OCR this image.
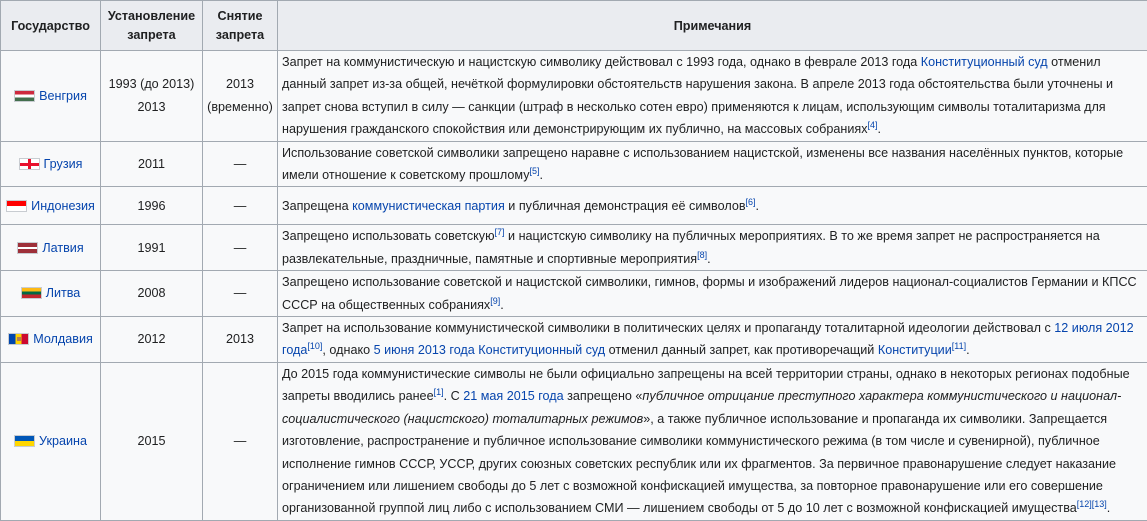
Государство	Установление запрета	Снятие запрета	Примечания
Венгрия	1993 (до 2013) 2013	2013 (временно)	Запрет на коммунистическую и нацистскую символику действовал с 1993 года, однако в феврале 2013 года Конституционный суд отменил данный запрет из-за общей, нечёткой формулировки обстоятельств нарушения закона. В апреле 2013 года обстоятельства были уточнены и запрет снова вступил в силу — санкции (штраф в несколько сотен евро) применяются к лицам, использующим символы тоталитаризма для нарушения гражданского спокойствия или демонстрирующим их публично, на массовых собраниях[4].
Грузия	2011	—	Использование советской символики запрещено наравне с использованием нацистской, изменены все названия населённых пунктов, которые имели отношение к советскому прошлому[5].
Индонезия	1996	—	Запрещена коммунистическая партия и публичная демонстрация её символов[6].
Латвия	1991	—	Запрещено использовать советскую[7] и нацистскую символику на публичных мероприятиях. В то же время запрет не распространяется на развлекательные, праздничные, памятные и спортивные мероприятия[8].
Литва	2008	—	Запрещено использование советской и нацистской символики, гимнов, формы и изображений лидеров национал-социалистов Германии и КПСС СССР на общественных собраниях[9].
Молдавия	2012	2013	Запрет на использование коммунистической символики в политических целях и пропаганду тоталитарной идеологии действовал с 12 июля 2012 года[10], однако 5 июня 2013 года Конституционный суд отменил данный запрет, как противоречащий Конституции[11].
Украина	2015	—	До 2015 года коммунистические символы не были официально запрещены на всей территории страны, однако в некоторых регионах подобные запреты вводились ранее[1]. С 21 мая 2015 года запрещено «публичное отрицание преступного характера коммунистического и национал-социалистического (нацистского) тоталитарных режимов», а также публичное использование и пропаганда их символики. Запрещается изготовление, распространение и публичное использование символики коммунистического режима (в том числе и сувенирной), публичное исполнение гимнов СССР, УССР, других союзных советских республик или их фрагментов. За первичное правонарушение следует наказание ограничением или лишением свободы до 5 лет с возможной конфискацией имущества, за повторное правонарушение или его совершение организованной группой лиц либо с использованием СМИ — лишением свободы от 5 до 10 лет с возможной конфискацией имущества[12][13].
